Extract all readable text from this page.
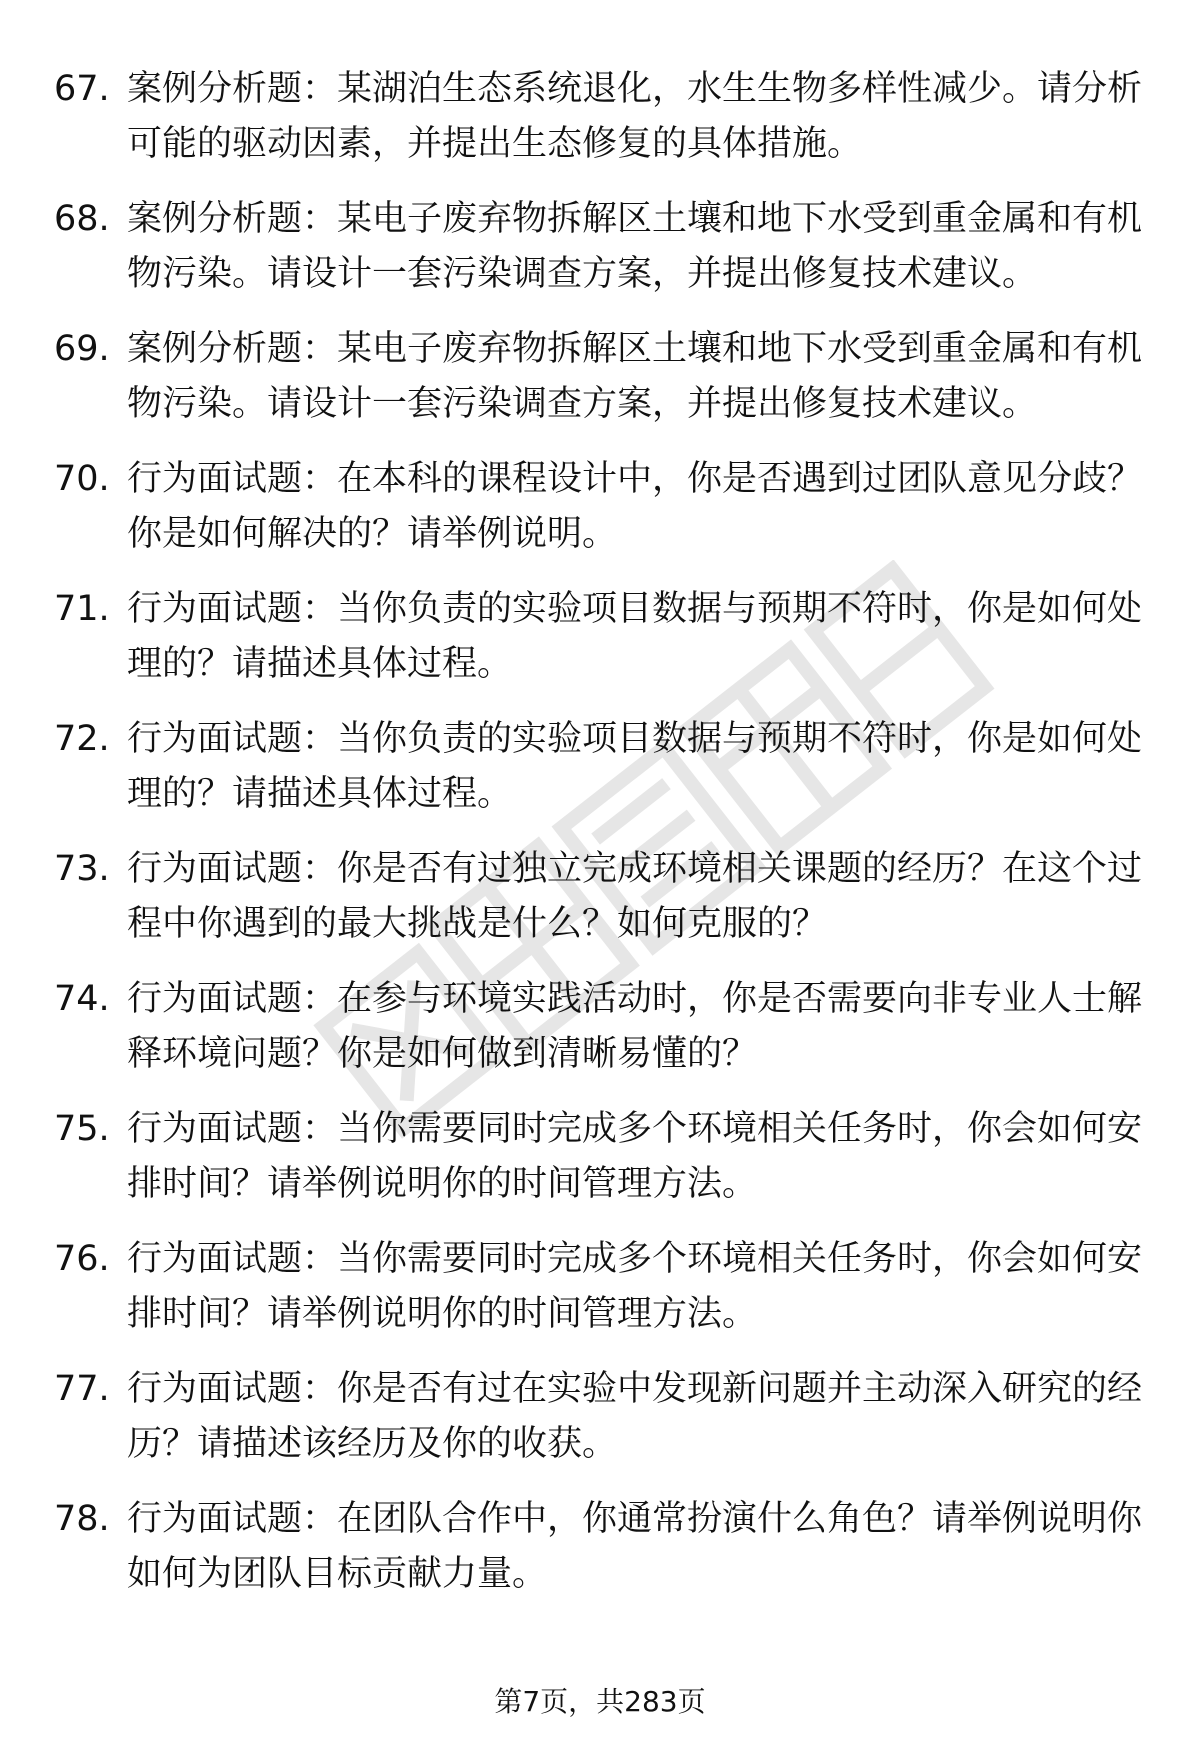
67. 案例分析题：某湖泊生态系统退化，水生生物多样性减少。请分析可能的驱动因素，并提出生态修复的具体措施。
68. 案例分析题：某电子废弃物拆解区土壤和地下水受到重金属和有机物污染。请设计一套污染调查方案，并提出修复技术建议。
69. 案例分析题：某电子废弃物拆解区土壤和地下水受到重金属和有机物污染。请设计一套污染调查方案，并提出修复技术建议。
70. 行为面试题：在本科的课程设计中，你是否遇到过团队意见分歧？你是如何解决的？请举例说明。
71. 行为面试题：当你负责的实验项目数据与预期不符时，你是如何处理的？请描述具体过程。
72. 行为面试题：当你负责的实验项目数据与预期不符时，你是如何处理的？请描述具体过程。
73. 行为面试题：你是否有过独立完成环境相关课题的经历？在这个过程中你遇到的最大挑战是什么？如何克服的？
74. 行为面试题：在参与环境实践活动时，你是否需要向非专业人士解释环境问题？你是如何做到清晰易懂的？
75. 行为面试题：当你需要同时完成多个环境相关任务时，你会如何安排时间？请举例说明你的时间管理方法。
76. 行为面试题：当你需要同时完成多个环境相关任务时，你会如何安排时间？请举例说明你的时间管理方法。
77. 行为面试题：你是否有过在实验中发现新问题并主动深入研究的经历？请描述该经历及你的收获。
78. 行为面试题：在团队合作中，你通常扮演什么角色？请举例说明你如何为团队目标贡献力量。
第7页，共283页
